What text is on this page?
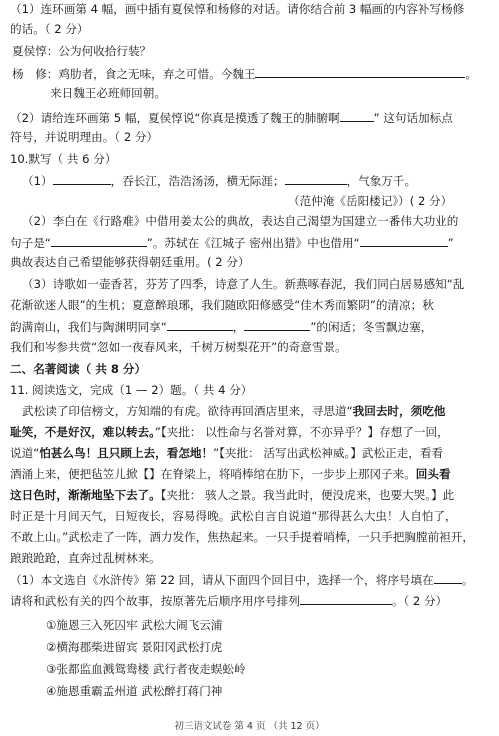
（1）连环画第 4 幅，画中插有夏侯惇和杨修的对话。请你结合前 3 幅画的内容补写杨修
的话。（ 2 分）
夏侯惇：公为何收拾行装？
杨　修：鸡肋者，食之无味，弃之可惜。今魏王	。
来日魏王必班师回朝。
（2）请给连环画第 5 幅，夏侯惇说“你真是摸透了魏王的肺腑啊	” 这句话加标点
符号，并说明理由。（ 2 分）
10.默写（ 共 6 分）
（1）	，吞长江，浩浩汤汤，横无际涯；	，气象万千。
（范仲淹《岳阳楼记》）( 2 分）
（2）李白在《行路难》中借用姜太公的典故，表达自己渴望为国建立一番伟大功业的
句子是“	”。苏轼在《江城子 密州出猎》中也借用“	”
典故表达自己希望能够获得朝廷重用。( 2 分）
（3）诗歌如一壶香茗，芬芳了四季，诗意了人生。新燕啄春泥，我们同白居易感知“乱
花渐欲迷人眼”的生机；夏意醉琅琊，我们随欧阳修感受“佳木秀而繁阴”的清凉；秋
韵满南山，我们与陶渊明同享“	，	”的闲适；冬雪飘边塞，
我们和岑参共赏“忽如一夜春风来，千树万树梨花开”的奇意雪景。
二、名著阅读（ 共 8 分）
11. 阅读选文，完成（1 — 2）题。（ 共 4 分）
武松读了印信榜文，方知端的有虎。欲待再回酒店里来，寻思道“我回去时，须吃他
耻笑，不是好汉，难以转去。”【夹批： 以性命与名誉对算，不亦异乎？】存想了一回，
说道“怕甚么鸟！且只顾上去，看怎地！”【夹批： 活写出武松神威。】武松正走，看看
酒涌上来，便把毡笠儿掀【】在脊梁上，将哨棒绾在肋下，一步步上那冈子来。回头看
这日色时，渐渐地坠下去了。【夹批： 骇人之景。我当此时，便没虎来，也要大哭。】此
时正是十月间天气，日短夜长，容易得晚。武松自言自说道“那得甚么大虫！人自怕了，
不敢上山。”武松走了一阵，酒力发作，焦热起来。一只手提着哨棒，一只手把胸膛前袒开，
踉踉跄跄，直奔过乱树林来。
（1）本文选自《水浒传》第 22 回，请从下面四个回目中，选择一个，将序号填在 。
请将和武松有关的四个故事，按原著先后顺序用序号排列	。（ 2 分）
①施恩三入死囚牢 武松大闹飞云浦
②横海郡柴进留宾 景阳冈武松打虎
③张都监血溅鸳鸯楼 武行者夜走蜈蚣岭
④施恩重霸孟州道 武松醉打蒋门神
初三语文试卷 第 4 页 （共 12 页）
